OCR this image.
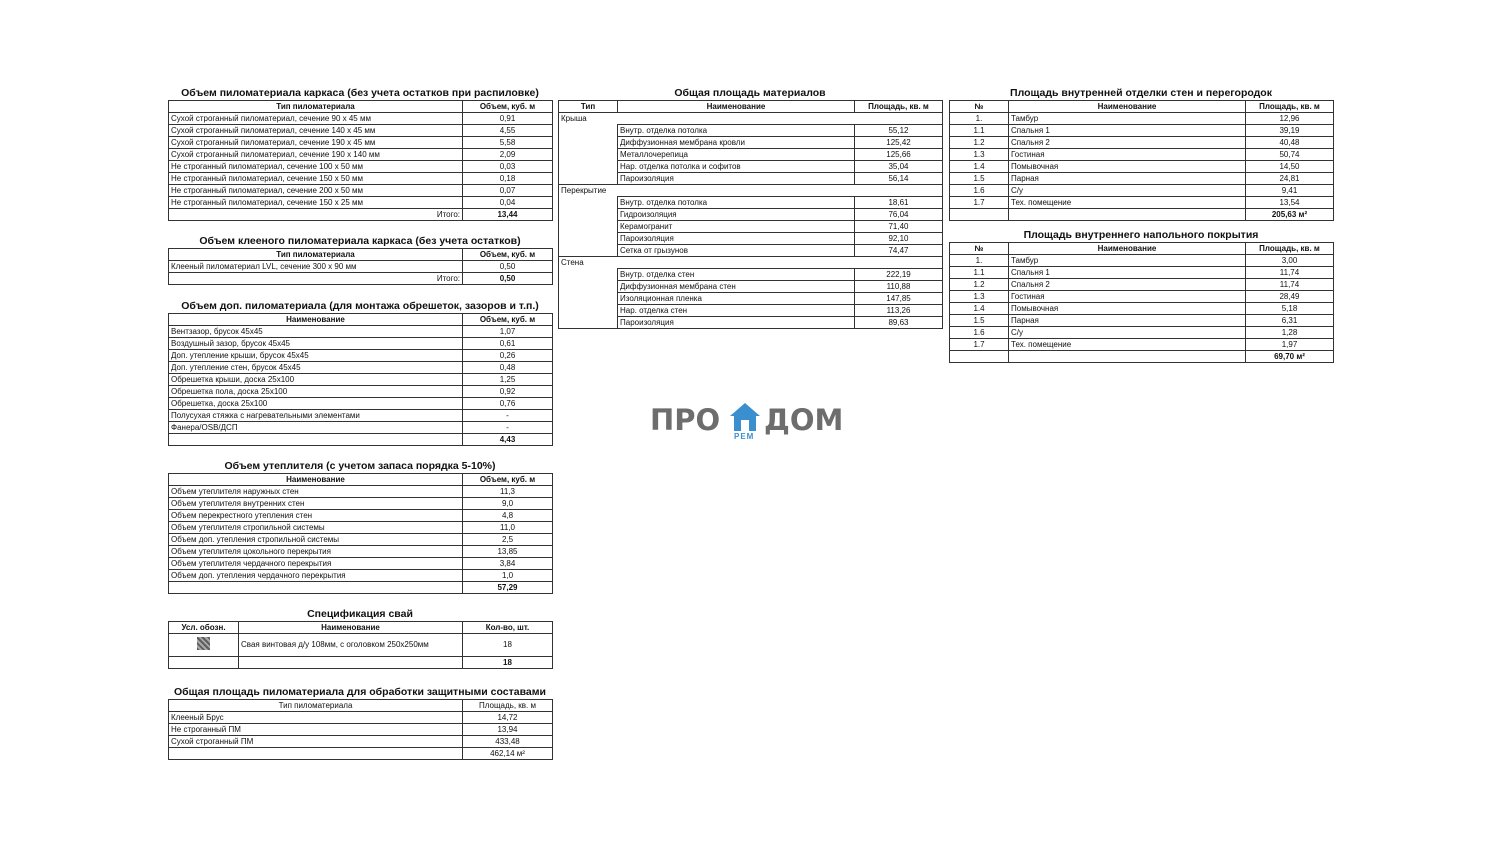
Объем пиломатериала каркаса (без учета остатков при распиловке)
Тип пиломатериала	Объем, куб. м
Сухой строганный пиломатериал, сечение 90 х 45 мм	0,91
Сухой строганный пиломатериал, сечение 140 х 45 мм	4,55
Сухой строганный пиломатериал, сечение 190 х 45 мм	5,58
Сухой строганный пиломатериал, сечение 190 х 140 мм	2,09
Не строганный пиломатериал, сечение 100 х 50 мм	0,03
Не строганный пиломатериал, сечение 150 х 50 мм	0,18
Не строганный пиломатериал, сечение 200 х 50 мм	0,07
Не строганный пиломатериал, сечение 150 х 25 мм	0,04
Итого:	13,44
Объем клееного пиломатериала каркаса (без учета остатков)
Тип пиломатериала	Объем, куб. м
Клееный пиломатериал LVL, сечение 300 х 90 мм	0,50
Итого:	0,50
Объем доп. пиломатериала (для монтажа обрешеток, зазоров и т.п.)
Наименование	Объем, куб. м
Вентзазор, брусок 45х45	1,07
Воздушный зазор, брусок 45х45	0,61
Доп. утепление крыши, брусок 45х45	0,26
Доп. утепление стен, брусок 45х45	0,48
Обрешетка крыши, доска 25х100	1,25
Обрешетка пола, доска 25х100	0,92
Обрешетка, доска 25х100	0,76
Полусухая стяжка с нагревательными элементами	-
Фанера/OSB/ДСП	-
	4,43
Объем утеплителя (с учетом запаса порядка 5-10%)
Наименование	Объем, куб. м
Объем утеплителя наружных стен	11,3
Объем утеплителя внутренних стен	9,0
Объем перекрестного утепления стен	4,8
Объем утеплителя стропильной системы	11,0
Объем доп. утепления стропильной системы	2,5
Объем утеплителя цокольного перекрытия	13,85
Объем утеплителя чердачного перекрытия	3,84
Объем доп. утепления чердачного перекрытия	1,0
	57,29
Спецификация свай
Усл. обозн.	Наименование	Кол-во, шт.
	Свая винтовая д/у 108мм, с оголовком 250х250мм	18
		18
Общая площадь пиломатериала для обработки защитными составами
Тип пиломатериала	Площадь, кв. м
Клееный Брус	14,72
Не строганный ПМ	13,94
Сухой строганный ПМ	433,48
	462,14 м²
Общая площадь материалов
Тип	Наименование	Площадь, кв. м
Крыша		
	Внутр. отделка потолка	55,12
	Диффузионная мембрана кровли	125,42
	Металлочерепица	125,66
	Нар. отделка потолка и софитов	35,04
	Пароизоляция	56,14
Перекрытие		
	Внутр. отделка потолка	18,61
	Гидроизоляция	76,04
	Керамогранит	71,40
	Пароизоляция	92,10
	Сетка от грызунов	74,47
Стена		
	Внутр. отделка стен	222,19
	Диффузионная мембрана стен	110,88
	Изоляционная пленка	147,85
	Нар. отделка стен	113,26
	Пароизоляция	89,63
Площадь внутренней отделки стен и перегородок
№	Наименование	Площадь, кв. м
1.	Тамбур	12,96
1.1	Спальня 1	39,19
1.2	Спальня 2	40,48
1.3	Гостиная	50,74
1.4	Помывочная	14,50
1.5	Парная	24,81
1.6	С/у	9,41
1.7	Тех. помещение	13,54
		205,63 м²
Площадь внутреннего напольного покрытия
№	Наименование	Площадь, кв. м
1.	Тамбур	3,00
1.1	Спальня 1	11,74
1.2	Спальня 2	11,74
1.3	Гостиная	28,49
1.4	Помывочная	5,18
1.5	Парная	6,31
1.6	С/у	1,28
1.7	Тех. помещение	1,97
		69,70 м²
ПРО РЕМ ДОМ
